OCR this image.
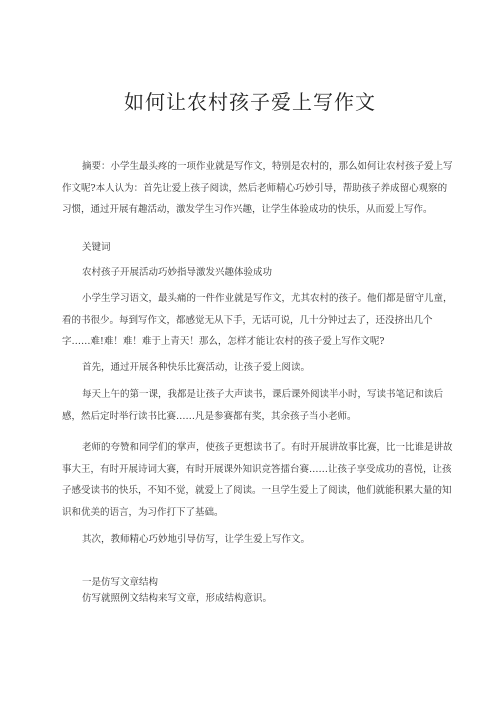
如何让农村孩子爱上写作文

摘要：小学生最头疼的一项作业就是写作文，特别是农村的，那么如何让农村孩子爱上写作文呢?本人认为：首先让爱上孩子阅读，然后老师精心巧妙引导，帮助孩子养成留心观察的习惯，通过开展有趣活动，激发学生习作兴趣，让学生体验成功的快乐，从而爱上写作。

关键词

农村孩子开展活动巧妙指导激发兴趣体验成功

小学生学习语文，最头痛的一件作业就是写作文，尤其农村的孩子。他们都是留守儿童，看的书很少。每到写作文，都感觉无从下手，无话可说，几十分钟过去了，还没挤出几个字……难!难！难！难于上青天！那么，怎样才能让农村的孩子爱上写作文呢?

首先，通过开展各种快乐比赛活动，让孩子爱上阅读。

每天上午的第一课，我都是让孩子大声读书，课后课外阅读半小时，写读书笔记和读后感，然后定时举行读书比赛……凡是参赛都有奖，其余孩子当小老师。

老师的夸赞和同学们的掌声，使孩子更想读书了。有时开展讲故事比赛，比一比谁是讲故事大王，有时开展诗词大赛，有时开展课外知识竞答擂台赛……让孩子享受成功的喜悦，让孩子感受读书的快乐，不知不觉，就爱上了阅读。一旦学生爱上了阅读，他们就能积累大量的知识和优美的语言，为习作打下了基础。

其次，教师精心巧妙地引导仿写，让学生爱上写作文。

一是仿写文章结构

仿写就照例文结构来写文章，形成结构意识。
